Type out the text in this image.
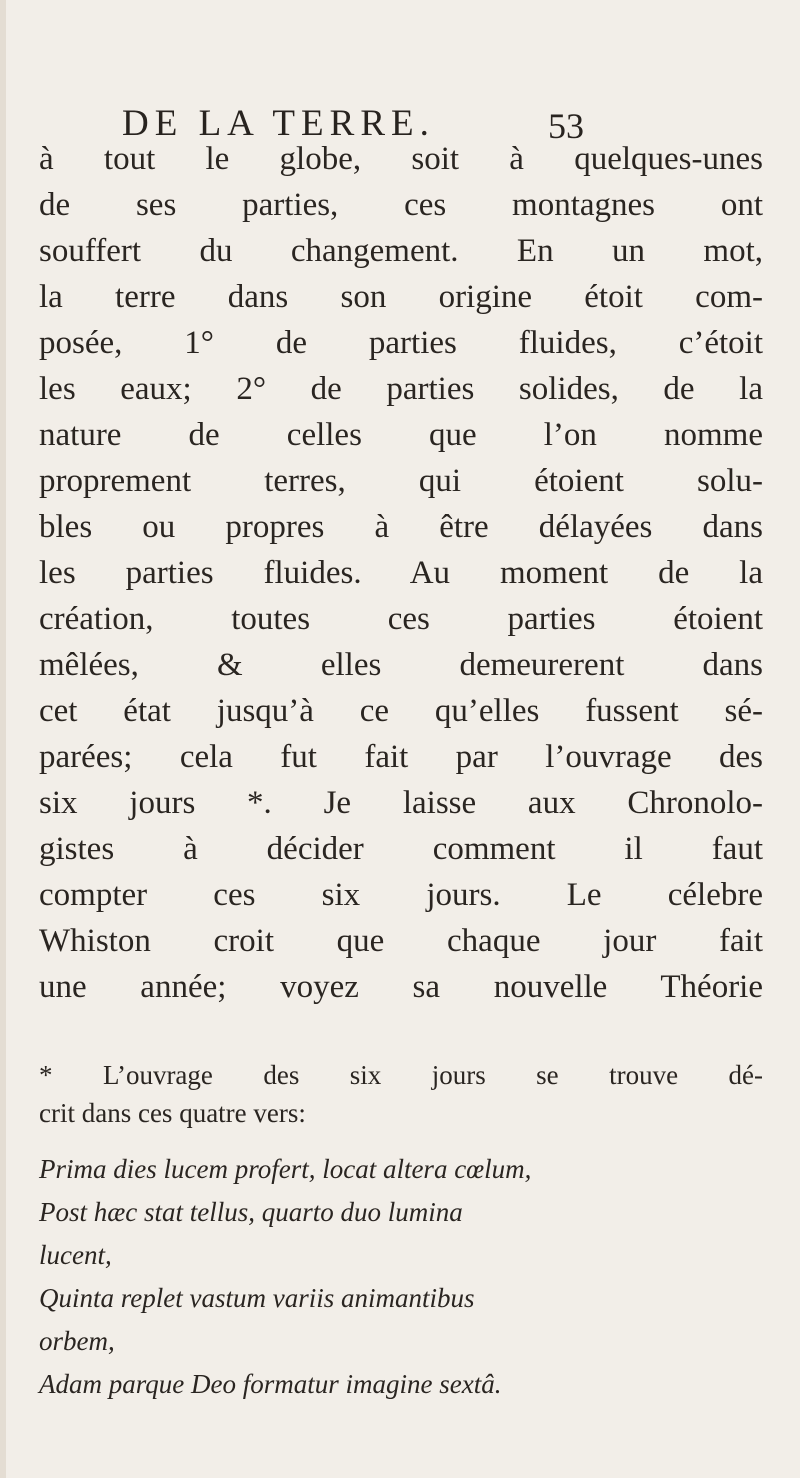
DE LA TERRE.	53
à tout le globe, soit à quelques-unes
de ses parties, ces montagnes ont
souffert du changement. En un mot,
la terre dans son origine étoit com-
posée, 1° de parties fluides, c’étoit
les eaux; 2° de parties solides, de la
nature de celles que l’on nomme
proprement terres, qui étoient solu-
bles ou propres à être délayées dans
les parties fluides. Au moment de la
création, toutes ces parties étoient
mêlées, & elles demeurerent dans
cet état jusqu’à ce qu’elles fussent sé-
parées; cela fut fait par l’ouvrage des
six jours *. Je laisse aux Chronolo-
gistes à décider comment il faut
compter ces six jours. Le célebre
Whiston croit que chaque jour fait
une année; voyez sa nouvelle Théorie
* L’ouvrage des six jours se trouve dé-
crit dans ces quatre vers:
Prima dies lucem profert, locat altera cœlum,
Post hæc stat tellus, quarto duo lumina
lucent,
Quinta replet vastum variis animantibus
orbem,
Adam parque Deo formatur imagine sextâ.
